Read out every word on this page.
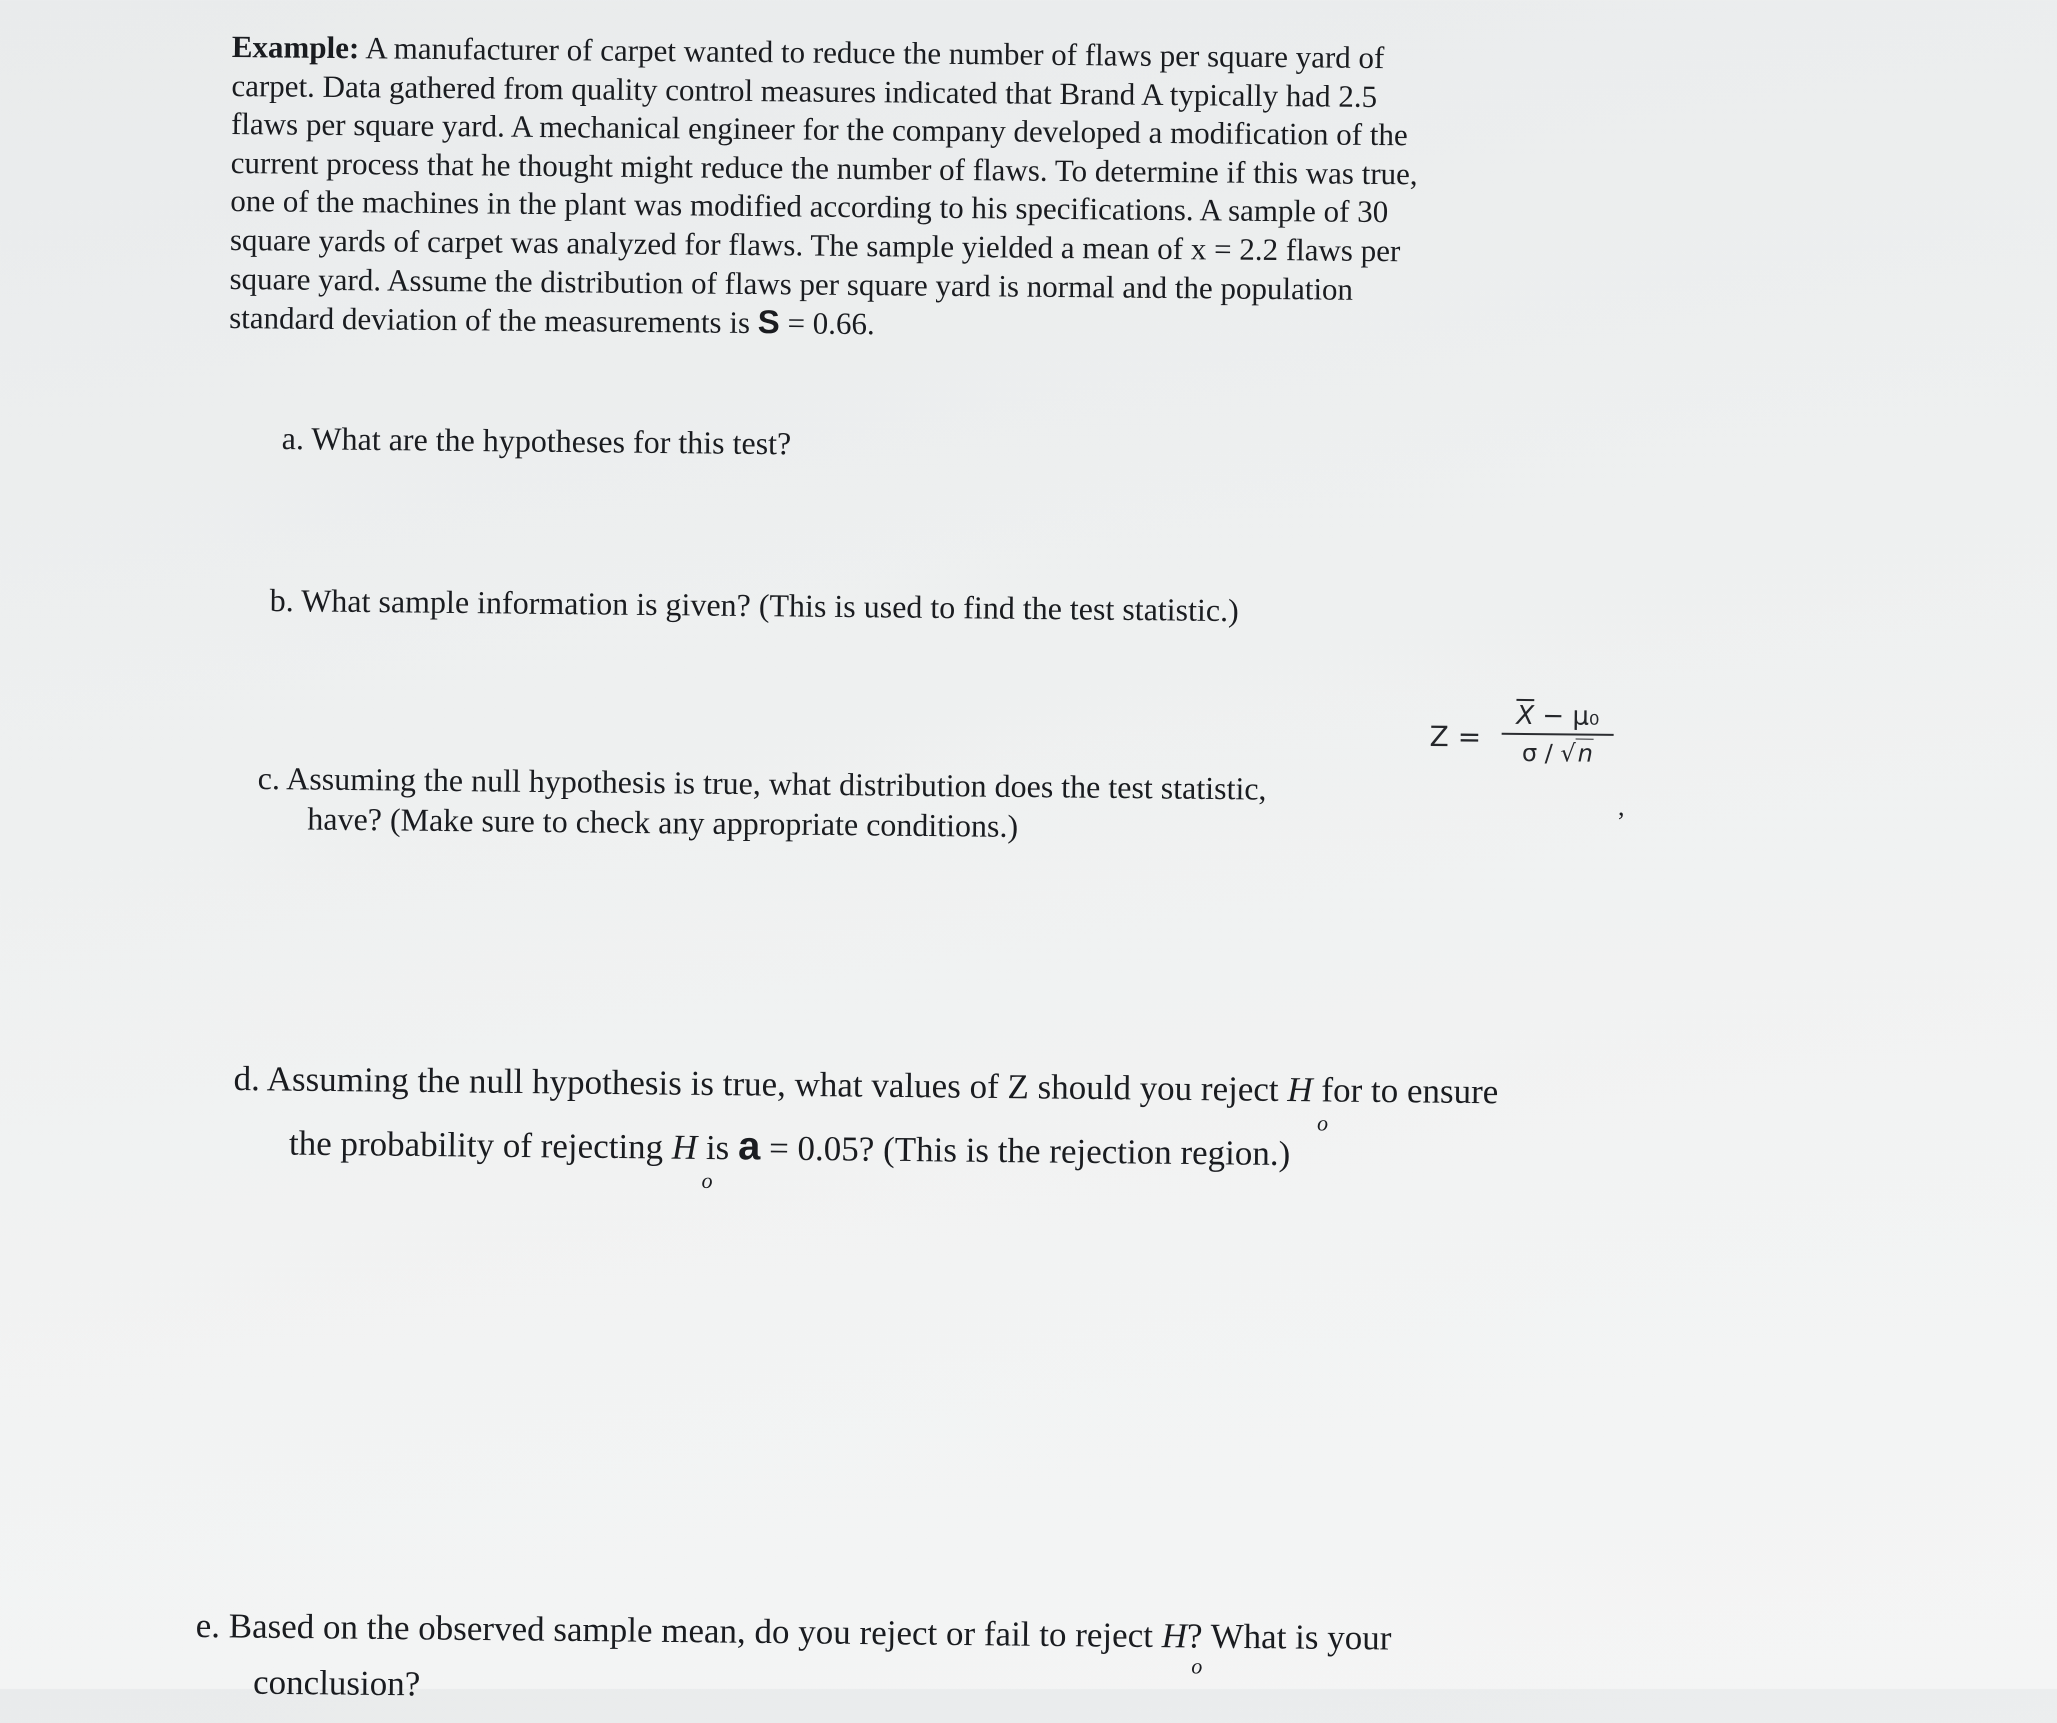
Example: A manufacturer of carpet wanted to reduce the number of flaws per square yard of
carpet. Data gathered from quality control measures indicated that Brand A typically had 2.5
flaws per square yard. A mechanical engineer for the company developed a modification of the
current process that he thought might reduce the number of flaws. To determine if this was true,
one of the machines in the plant was modified according to his specifications. A sample of 30
square yards of carpet was analyzed for flaws. The sample yielded a mean of x = 2.2 flaws per
square yard. Assume the distribution of flaws per square yard is normal and the population
standard deviation of the measurements is S = 0.66.

a. What are the hypotheses for this test?

b. What sample information is given? (This is used to find the test statistic.)

Z =
$\overline{X} - \mu_0$
σ / √n
,

c. Assuming the null hypothesis is true, what distribution does the test statistic,
have? (Make sure to check any appropriate conditions.)

d. Assuming the null hypothesis is true, what values of Z should you reject H
o
for to ensure
the probability of rejecting H
o
is a = 0.05? (This is the rejection region.)

e. Based on the observed sample mean, do you reject or fail to reject H
o
? What is your
conclusion?
